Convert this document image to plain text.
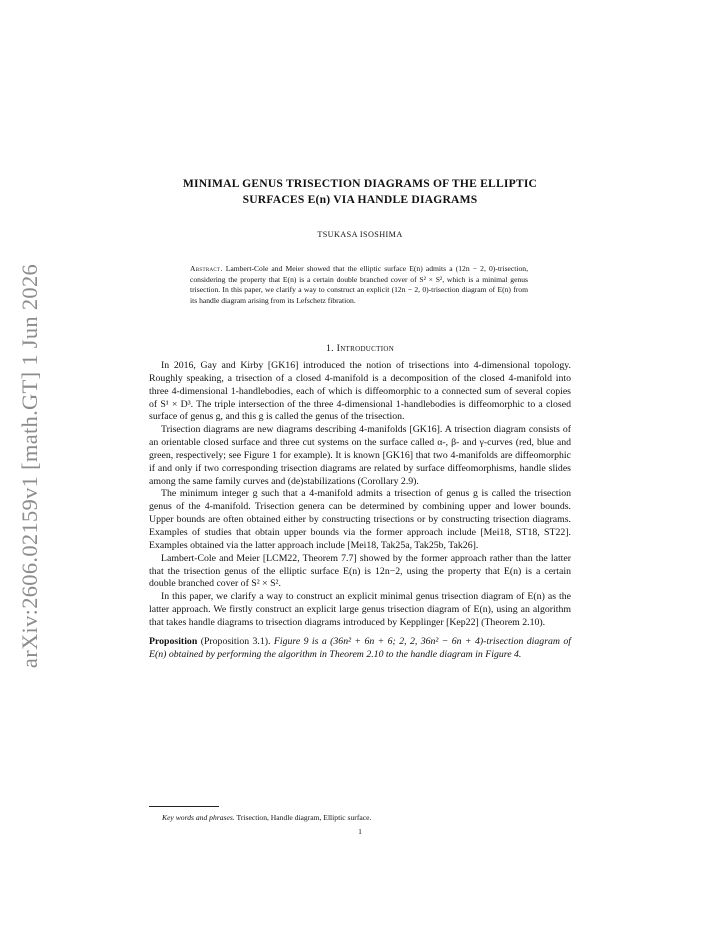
arXiv:2606.02159v1 [math.GT] 1 Jun 2026
MINIMAL GENUS TRISECTION DIAGRAMS OF THE ELLIPTIC
SURFACES E(n) VIA HANDLE DIAGRAMS
TSUKASA ISOSHIMA
Abstract. Lambert-Cole and Meier showed that the elliptic surface E(n) admits a (12n − 2, 0)-trisection, considering the property that E(n) is a certain double branched cover of S² × S², which is a minimal genus trisection. In this paper, we clarify a way to construct an explicit (12n − 2, 0)-trisection diagram of E(n) from its handle diagram arising from its Lefschetz fibration.
1. Introduction

In 2016, Gay and Kirby [GK16] introduced the notion of trisections into 4-dimensional topology. Roughly speaking, a trisection of a closed 4-manifold is a decomposition of the closed 4-manifold into three 4-dimensional 1-handlebodies, each of which is diffeomorphic to a connected sum of several copies of S¹ × D³. The triple intersection of the three 4-dimensional 1-handlebodies is diffeomorphic to a closed surface of genus g, and this g is called the genus of the trisection.

Trisection diagrams are new diagrams describing 4-manifolds [GK16]. A trisection diagram consists of an orientable closed surface and three cut systems on the surface called α-, β- and γ-curves (red, blue and green, respectively; see Figure 1 for example). It is known [GK16] that two 4-manifolds are diffeomorphic if and only if two corresponding trisection diagrams are related by surface diffeomorphisms, handle slides among the same family curves and (de)stabilizations (Corollary 2.9).

The minimum integer g such that a 4-manifold admits a trisection of genus g is called the trisection genus of the 4-manifold. Trisection genera can be determined by combining upper and lower bounds. Upper bounds are often obtained either by constructing trisections or by constructing trisection diagrams. Examples of studies that obtain upper bounds via the former approach include [Mei18, ST18, ST22]. Examples obtained via the latter approach include [Mei18, Tak25a, Tak25b, Tak26].

Lambert-Cole and Meier [LCM22, Theorem 7.7] showed by the former approach rather than the latter that the trisection genus of the elliptic surface E(n) is 12n−2, using the property that E(n) is a certain double branched cover of S² × S².

In this paper, we clarify a way to construct an explicit minimal genus trisection diagram of E(n) as the latter approach. We firstly construct an explicit large genus trisection diagram of E(n), using an algorithm that takes handle diagrams to trisection diagrams introduced by Kepplinger [Kep22] (Theorem 2.10).

Proposition (Proposition 3.1). Figure 9 is a (36n² + 6n + 6; 2, 2, 36n² − 6n + 4)-trisection diagram of E(n) obtained by performing the algorithm in Theorem 2.10 to the handle diagram in Figure 4.

Key words and phrases. Trisection, Handle diagram, Elliptic surface.
1
